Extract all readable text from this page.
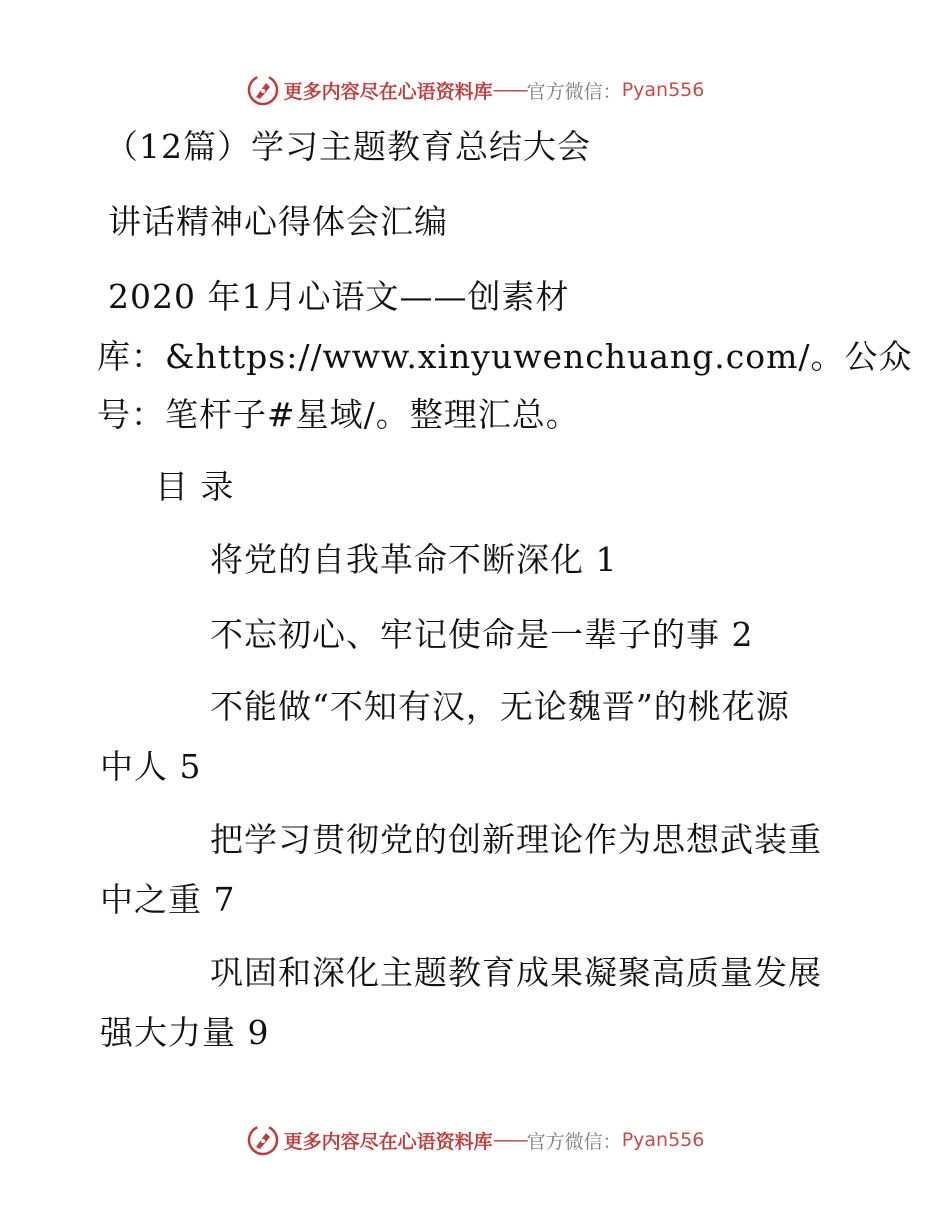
更多内容尽在心语资料库 —— 官方微信： Pyan556
（12篇）学习主题教育总结大会
讲话精神心得体会汇编
2020 年1月心语文——创素材
库：&https://www.xinyuwenchuang.com/。公众
号：笔杆子#星域/。整理汇总。
目 录
将党的自我革命不断深化 1
不忘初心、牢记使命是一辈子的事 2
不能做“不知有汉，无论魏晋”的桃花源
中人 5
把学习贯彻党的创新理论作为思想武装重
中之重 7
巩固和深化主题教育成果凝聚高质量发展
强大力量 9
更多内容尽在心语资料库 —— 官方微信： Pyan556
